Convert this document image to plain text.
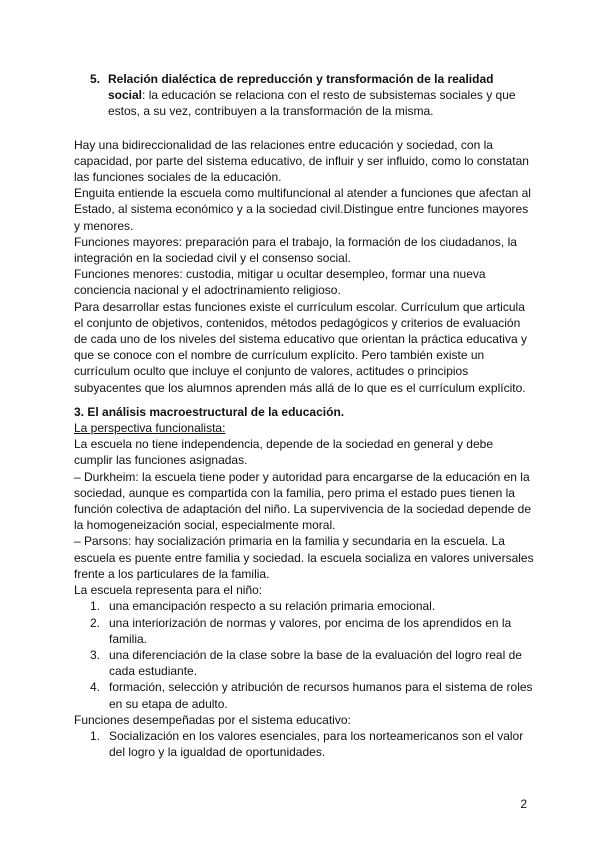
5. Relación dialéctica de repreducción y transformación de la realidad social: la educación se relaciona con el resto de subsistemas sociales y que estos, a su vez, contribuyen a la transformación de la misma.

Hay una bidireccionalidad de las relaciones entre educación y sociedad, con la capacidad, por parte del sistema educativo, de influir y ser influido, como lo constatan las funciones sociales de la educación.

Enguita entiende la escuela como multifuncional al atender a funciones que afectan al Estado, al sistema económico y a la sociedad civil.Distingue entre funciones mayores y menores.

Funciones mayores: preparación para el trabajo, la formación de los ciudadanos, la integración en la sociedad civil y el consenso social.

Funciones menores: custodia, mitigar u ocultar desempleo, formar una nueva conciencia nacional y el adoctrinamiento religioso.

Para desarrollar estas funciones existe el currículum escolar. Currículum que articula el conjunto de objetivos, contenidos, métodos pedagógicos y criterios de evaluación de cada uno de los niveles del sistema educativo que orientan la práctica educativa y que se conoce con el nombre de currículum explícito. Pero también existe un currículum oculto que incluye el conjunto de valores, actitudes o principios subyacentes que los alumnos aprenden más allá de lo que es el currículum explícito.

3. El análisis macroestructural de la educación.

La perspectiva funcionalista:

La escuela no tiene independencia, depende de la sociedad en general y debe cumplir las funciones asignadas.

– Durkheim: la escuela tiene poder y autoridad para encargarse de la educación en la sociedad, aunque es compartida con la familia, pero prima el estado pues tienen la función colectiva de adaptación del niño. La supervivencia de la sociedad depende de la homogeneización social, especialmente moral.

– Parsons: hay socialización primaria en la familia y secundaria en la escuela. La escuela es puente entre familia y sociedad. la escuela socializa en valores universales frente a los particulares de la familia.

La escuela representa para el niño:

1. una emancipación respecto a su relación primaria emocional.
2. una interiorización de normas y valores, por encima de los aprendidos en la familia.
3. una diferenciación de la clase sobre la base de la evaluación del logro real de cada estudiante.
4. formación, selección y atribución de recursos humanos para el sistema de roles en su etapa de adulto.

Funciones desempeñadas por el sistema educativo:

1. Socialización en los valores esenciales, para los norteamericanos son el valor del logro y la igualdad de oportunidades.
2
